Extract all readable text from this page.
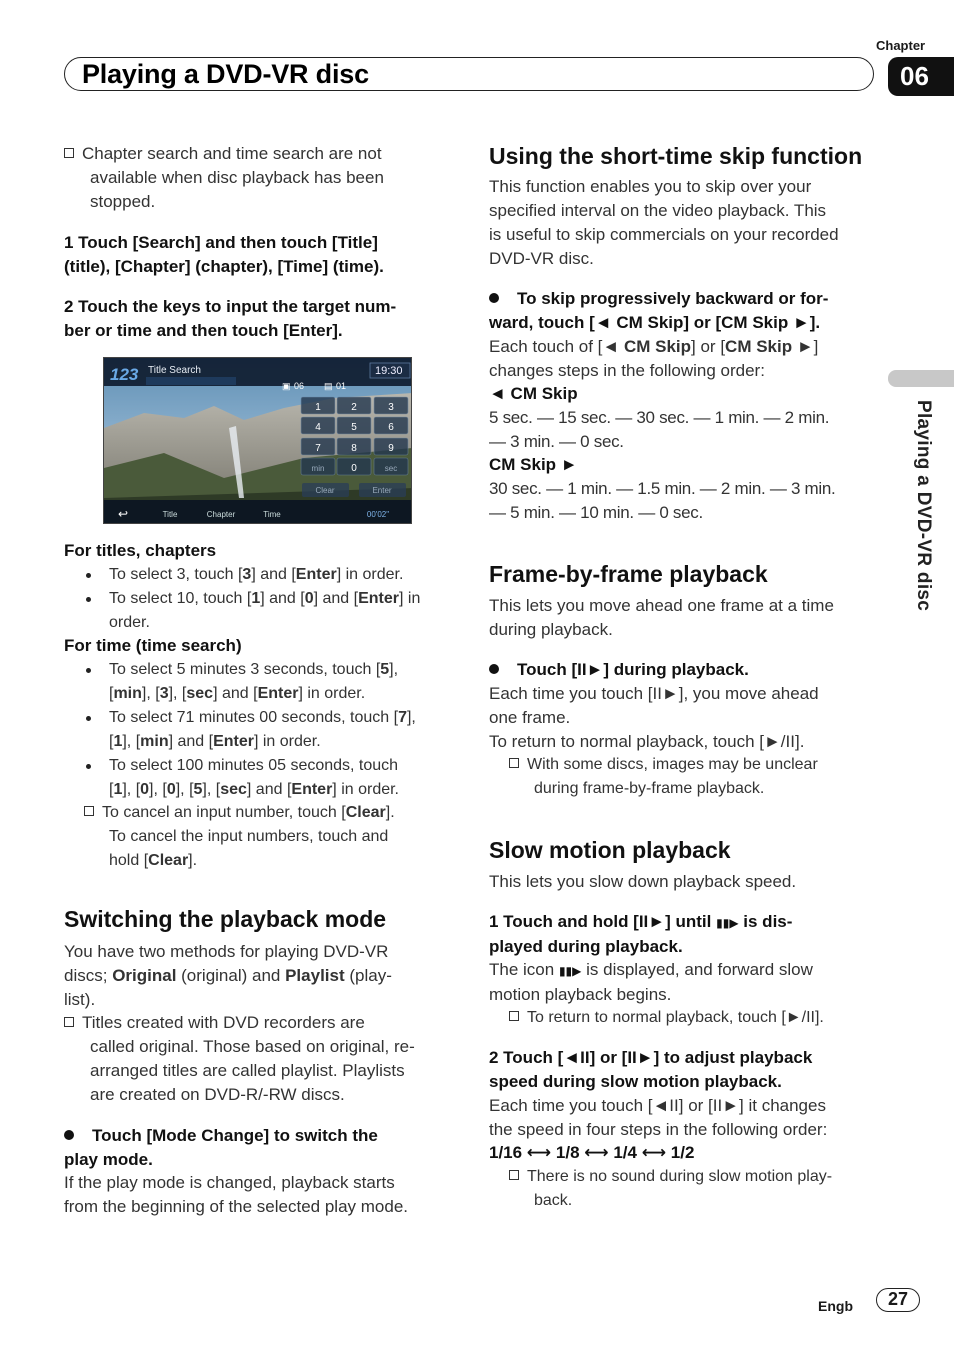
Playing a DVD-VR disc
Chapter
06
Playing a DVD-VR disc
Chapter search and time search are not
available when disc playback has been
stopped.
1 Touch [Search] and then touch [Title]
(title), [Chapter] (chapter), [Time] (time).
2 Touch the keys to input the target num-
ber or time and then touch [Enter].
123 Title Search	19:30
▣ 06 ▤ 01
1	2	3
4	5	6
7	8	9
min	0	sec
Clear	Enter
↩	Title	Chapter	Time	00'02"
For titles, chapters
To select 3, touch [3] and [Enter] in order.
To select 10, touch [1] and [0] and [Enter] in
order.
For time (time search)
To select 5 minutes 3 seconds, touch [5],
[min], [3], [sec] and [Enter] in order.
To select 71 minutes 00 seconds, touch [7],
[1], [min] and [Enter] in order.
To select 100 minutes 05 seconds, touch
[1], [0], [0], [5], [sec] and [Enter] in order.
To cancel an input number, touch [Clear].
To cancel the input numbers, touch and
hold [Clear].
Switching the playback mode
You have two methods for playing DVD-VR
discs; Original (original) and Playlist (play-
list).
Titles created with DVD recorders are
called original. Those based on original, re-
arranged titles are called playlist. Playlists
are created on DVD-R/-RW discs.
Touch [Mode Change] to switch the
play mode.
If the play mode is changed, playback starts
from the beginning of the selected play mode.
Using the short-time skip function
This function enables you to skip over your
specified interval on the video playback. This
is useful to skip commercials on your recorded
DVD-VR disc.
To skip progressively backward or for-
ward, touch [◄ CM Skip] or [CM Skip ►].
Each touch of [◄ CM Skip] or [CM Skip ►]
changes steps in the following order:
◄ CM Skip
5 sec. — 15 sec. — 30 sec. — 1 min. — 2 min.
— 3 min. — 0 sec.
CM Skip ►
30 sec. — 1 min. — 1.5 min. — 2 min. — 3 min.
— 5 min. — 10 min. — 0 sec.
Frame-by-frame playback
This lets you move ahead one frame at a time
during playback.
Touch [II►] during playback.
Each time you touch [II►], you move ahead
one frame.
To return to normal playback, touch [►/II].
With some discs, images may be unclear
during frame-by-frame playback.
Slow motion playback
This lets you slow down playback speed.
1 Touch and hold [II►] until ▮▮▶ is dis-
played during playback.
The icon ▮▮▶ is displayed, and forward slow
motion playback begins.
To return to normal playback, touch [►/II].
2 Touch [◄II] or [II►] to adjust playback
speed during slow motion playback.
Each time you touch [◄II] or [II►] it changes
the speed in four steps in the following order:
1/16 ⟷ 1/8 ⟷ 1/4 ⟷ 1/2
There is no sound during slow motion play-
back.
Engb	27
